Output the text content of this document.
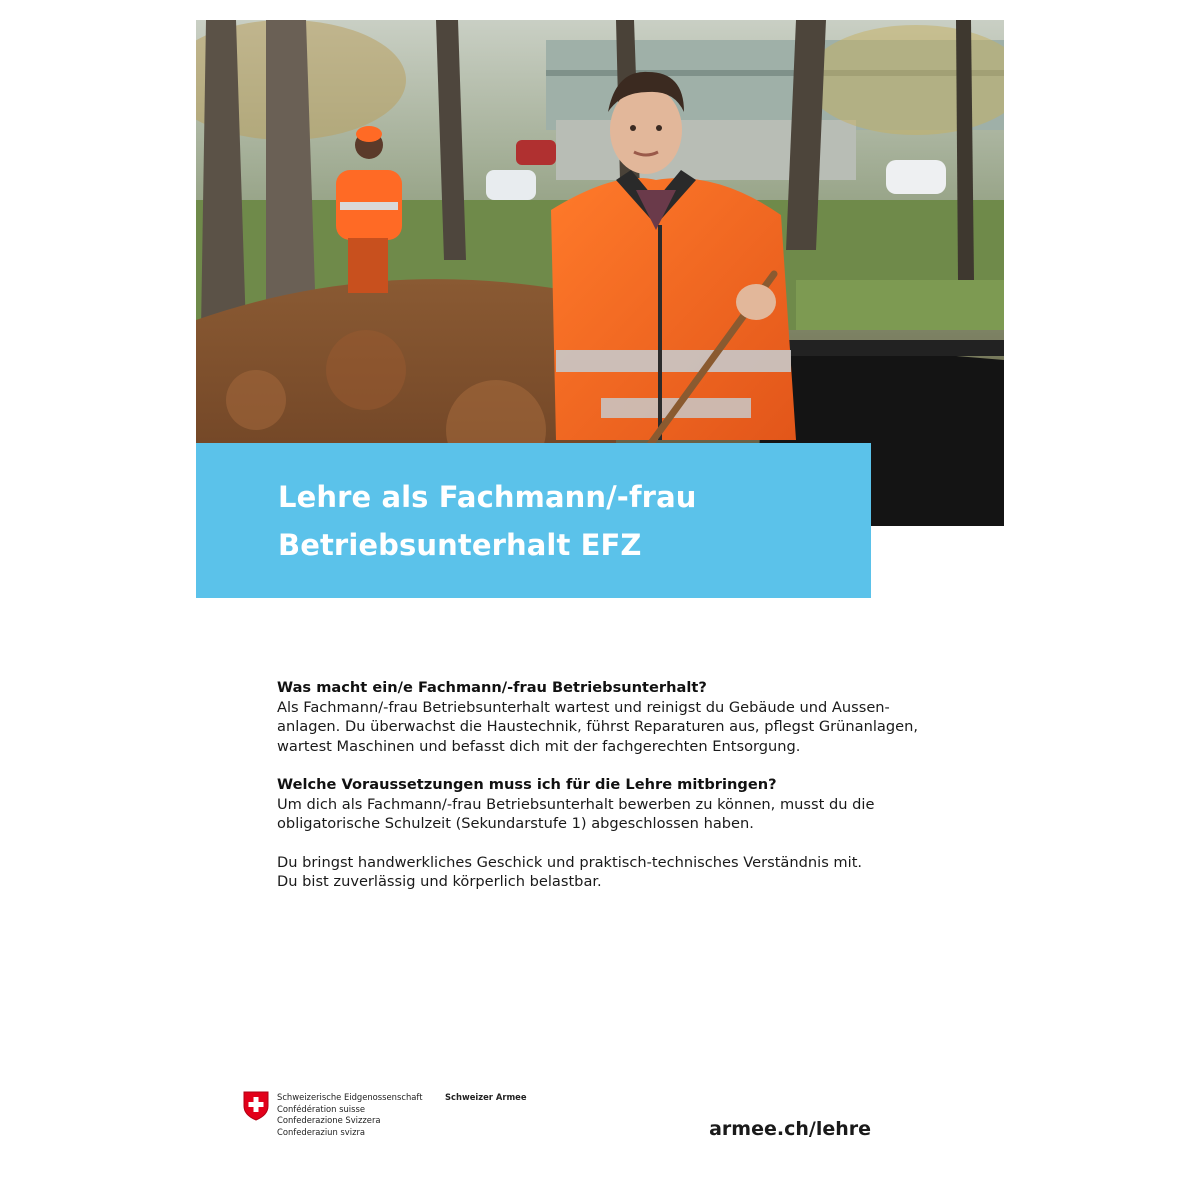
Lehre als Fachmann/-frau
Betriebsunterhalt EFZ
Was macht ein/e Fachmann/-frau Betriebsunterhalt?

Als Fachmann/-frau Betriebsunterhalt wartest und reinigst du Gebäude und Aussen-
anlagen. Du überwachst die Haustechnik, führst Reparaturen aus, pflegst Grünanlagen,
wartest Maschinen und befasst dich mit der fachgerechten Entsorgung.

Welche Voraussetzungen muss ich für die Lehre mitbringen?

Um dich als Fachmann/-frau Betriebsunterhalt bewerben zu können, musst du die
obligatorische Schulzeit (Sekundarstufe 1) abgeschlossen haben.

Du bringst handwerkliches Geschick und praktisch-technisches Verständnis mit.
Du bist zuverlässig und körperlich belastbar.

Schweizerische Eidgenossenschaft
Confédération suisse
Confederazione Svizzera
Confederaziun svizra
Schweizer Armee
armee.ch/lehre
